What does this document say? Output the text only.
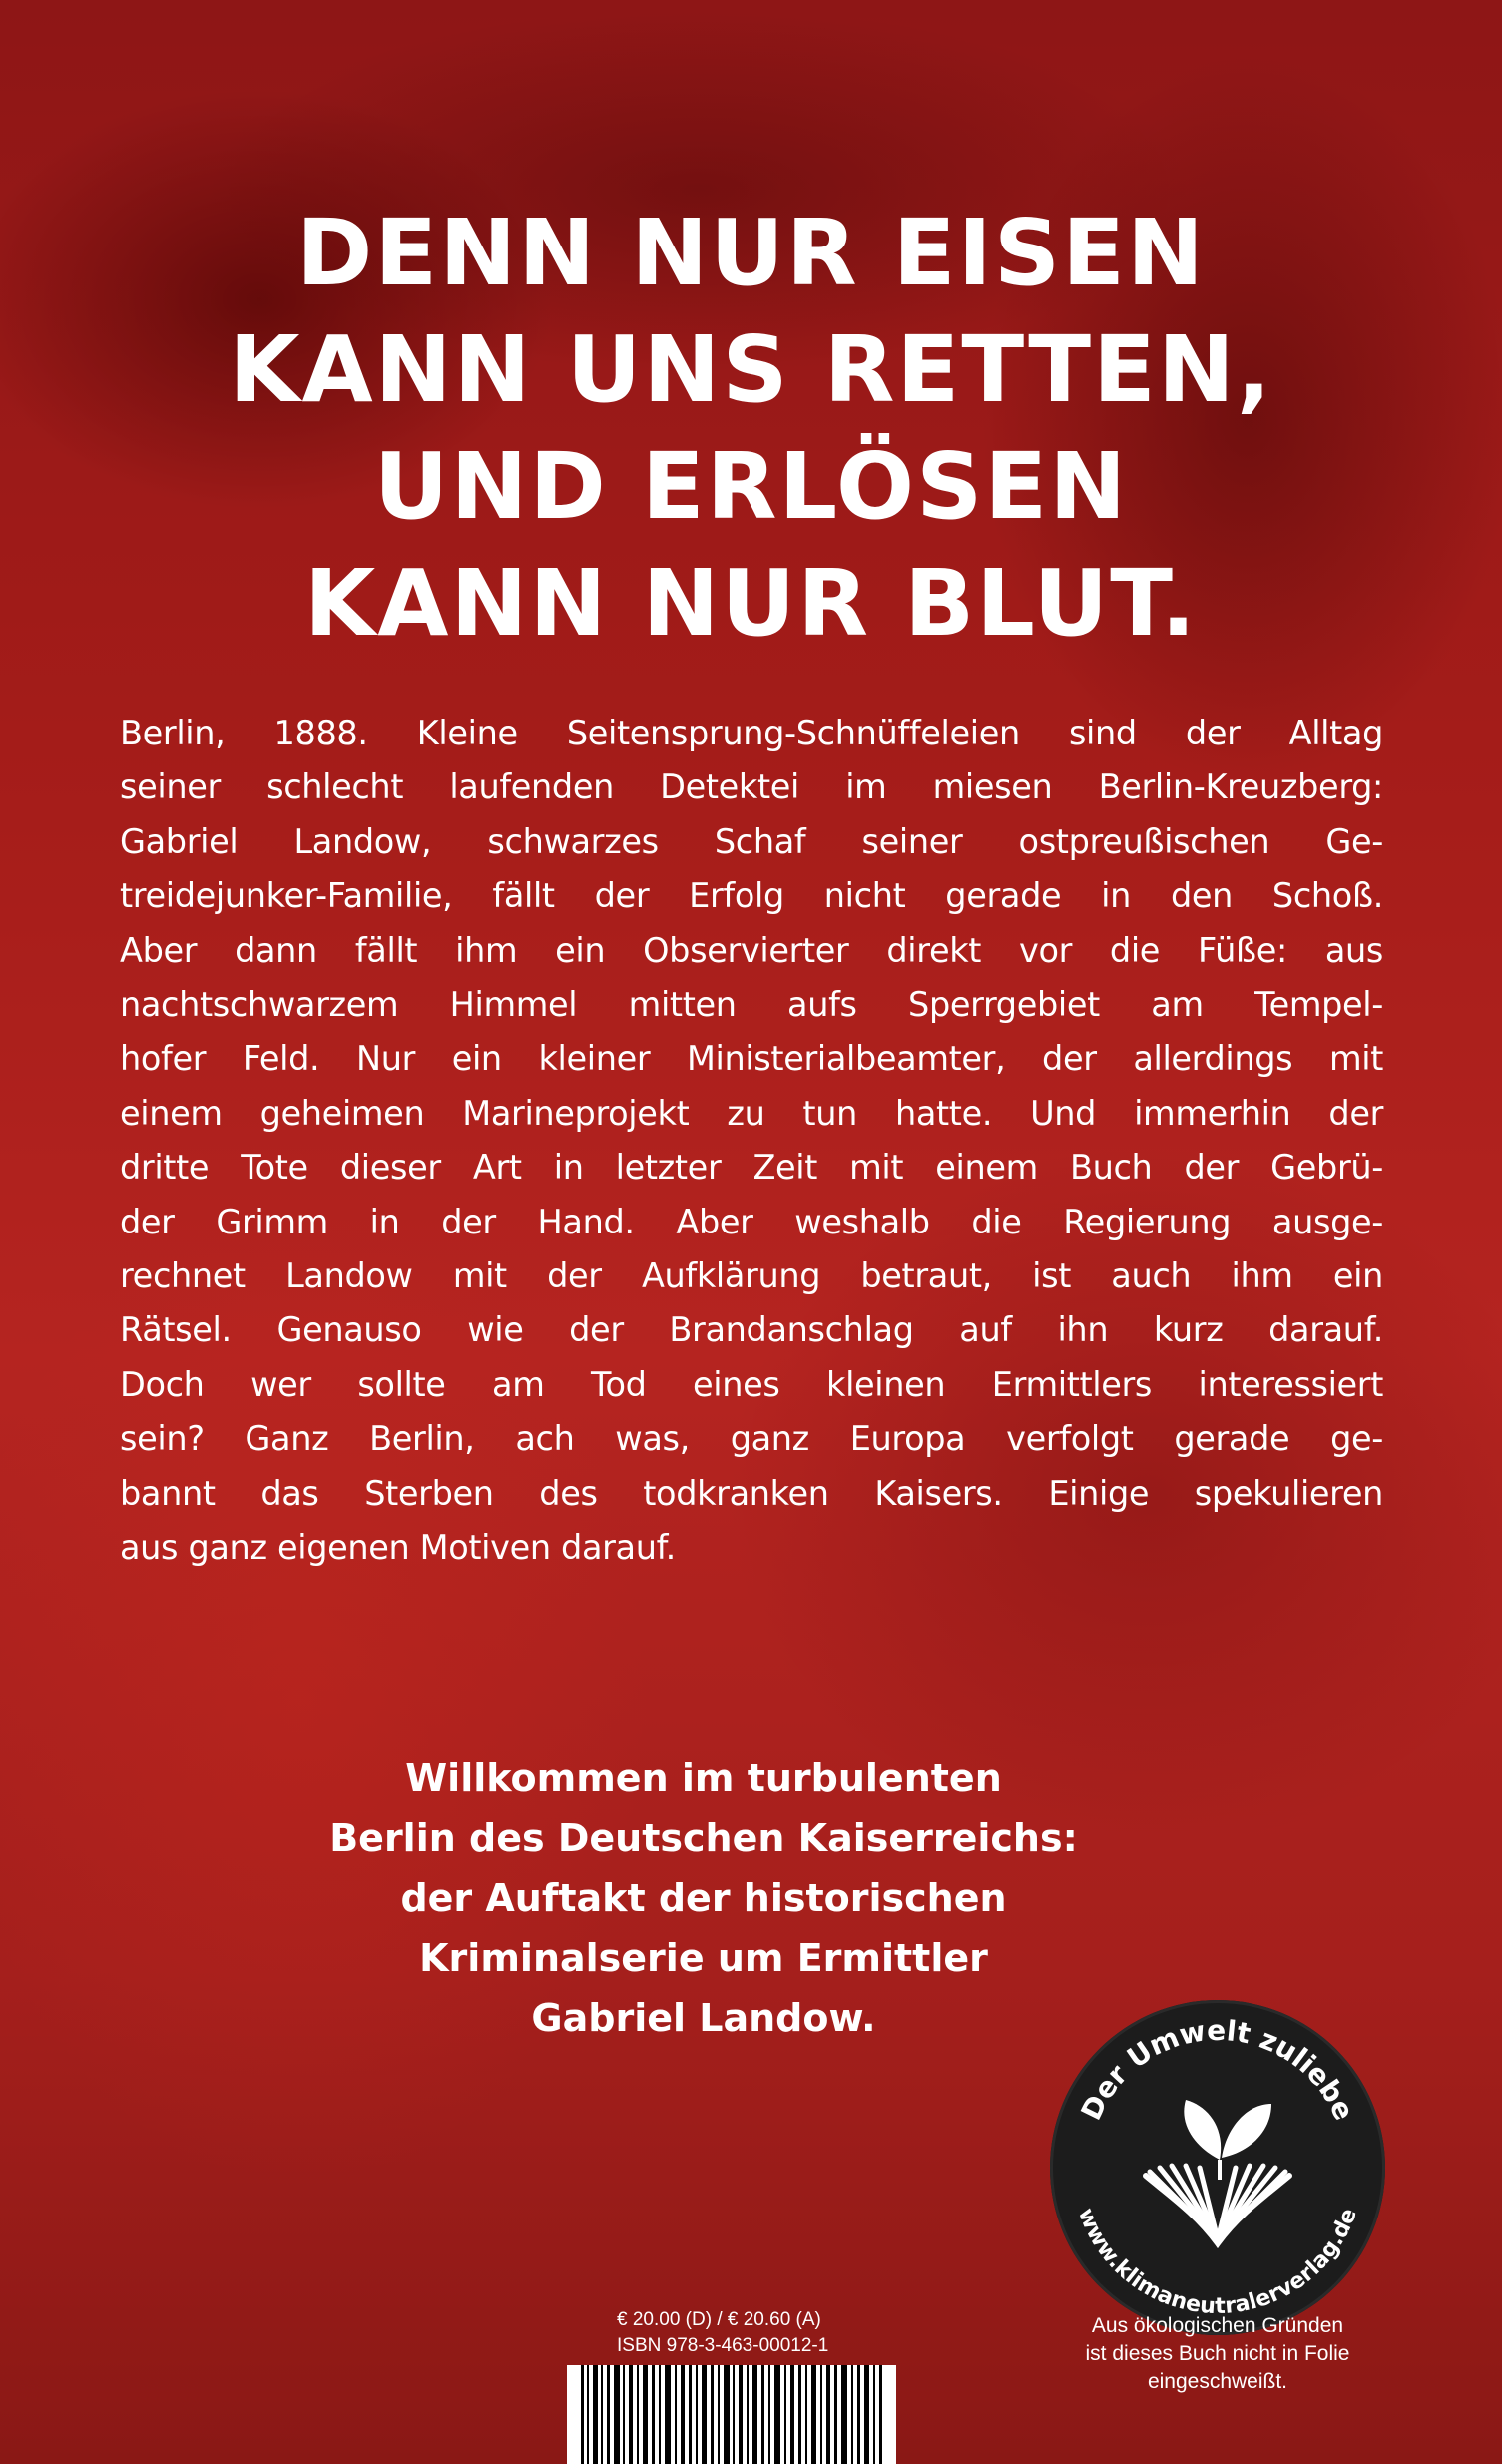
DENN NUR EISEN
KANN UNS RETTEN,
UND ERLÖSEN
KANN NUR BLUT.

Berlin, 1888. Kleine Seitensprung-Schnüffeleien sind der Alltag
seiner schlecht laufenden Detektei im miesen Berlin-Kreuzberg:
Gabriel Landow, schwarzes Schaf seiner ostpreußischen Ge-
treidejunker-Familie, fällt der Erfolg nicht gerade in den Schoß.
Aber dann fällt ihm ein Observierter direkt vor die Füße: aus
nachtschwarzem Himmel mitten aufs Sperrgebiet am Tempel-
hofer Feld. Nur ein kleiner Ministerialbeamter, der allerdings mit
einem geheimen Marineprojekt zu tun hatte. Und immerhin der
dritte Tote dieser Art in letzter Zeit mit einem Buch der Gebrü-
der Grimm in der Hand. Aber weshalb die Regierung ausge-
rechnet Landow mit der Aufklärung betraut, ist auch ihm ein
Rätsel. Genauso wie der Brandanschlag auf ihn kurz darauf.
Doch wer sollte am Tod eines kleinen Ermittlers interessiert
sein? Ganz Berlin, ach was, ganz Europa verfolgt gerade ge-
bannt das Sterben des todkranken Kaisers. Einige spekulieren
aus ganz eigenen Motiven darauf.

Willkommen im turbulenten
Berlin des Deutschen Kaiserreichs:
der Auftakt der historischen
Kriminalserie um Ermittler
Gabriel Landow.
Der Umwelt zuliebe
www.klimaneutralerverlag.de
€ 20.00 (D) / € 20.60 (A)
ISBN 978-3-463-00012-1
Aus ökologischen Gründen
ist dieses Buch nicht in Folie
eingeschweißt.
